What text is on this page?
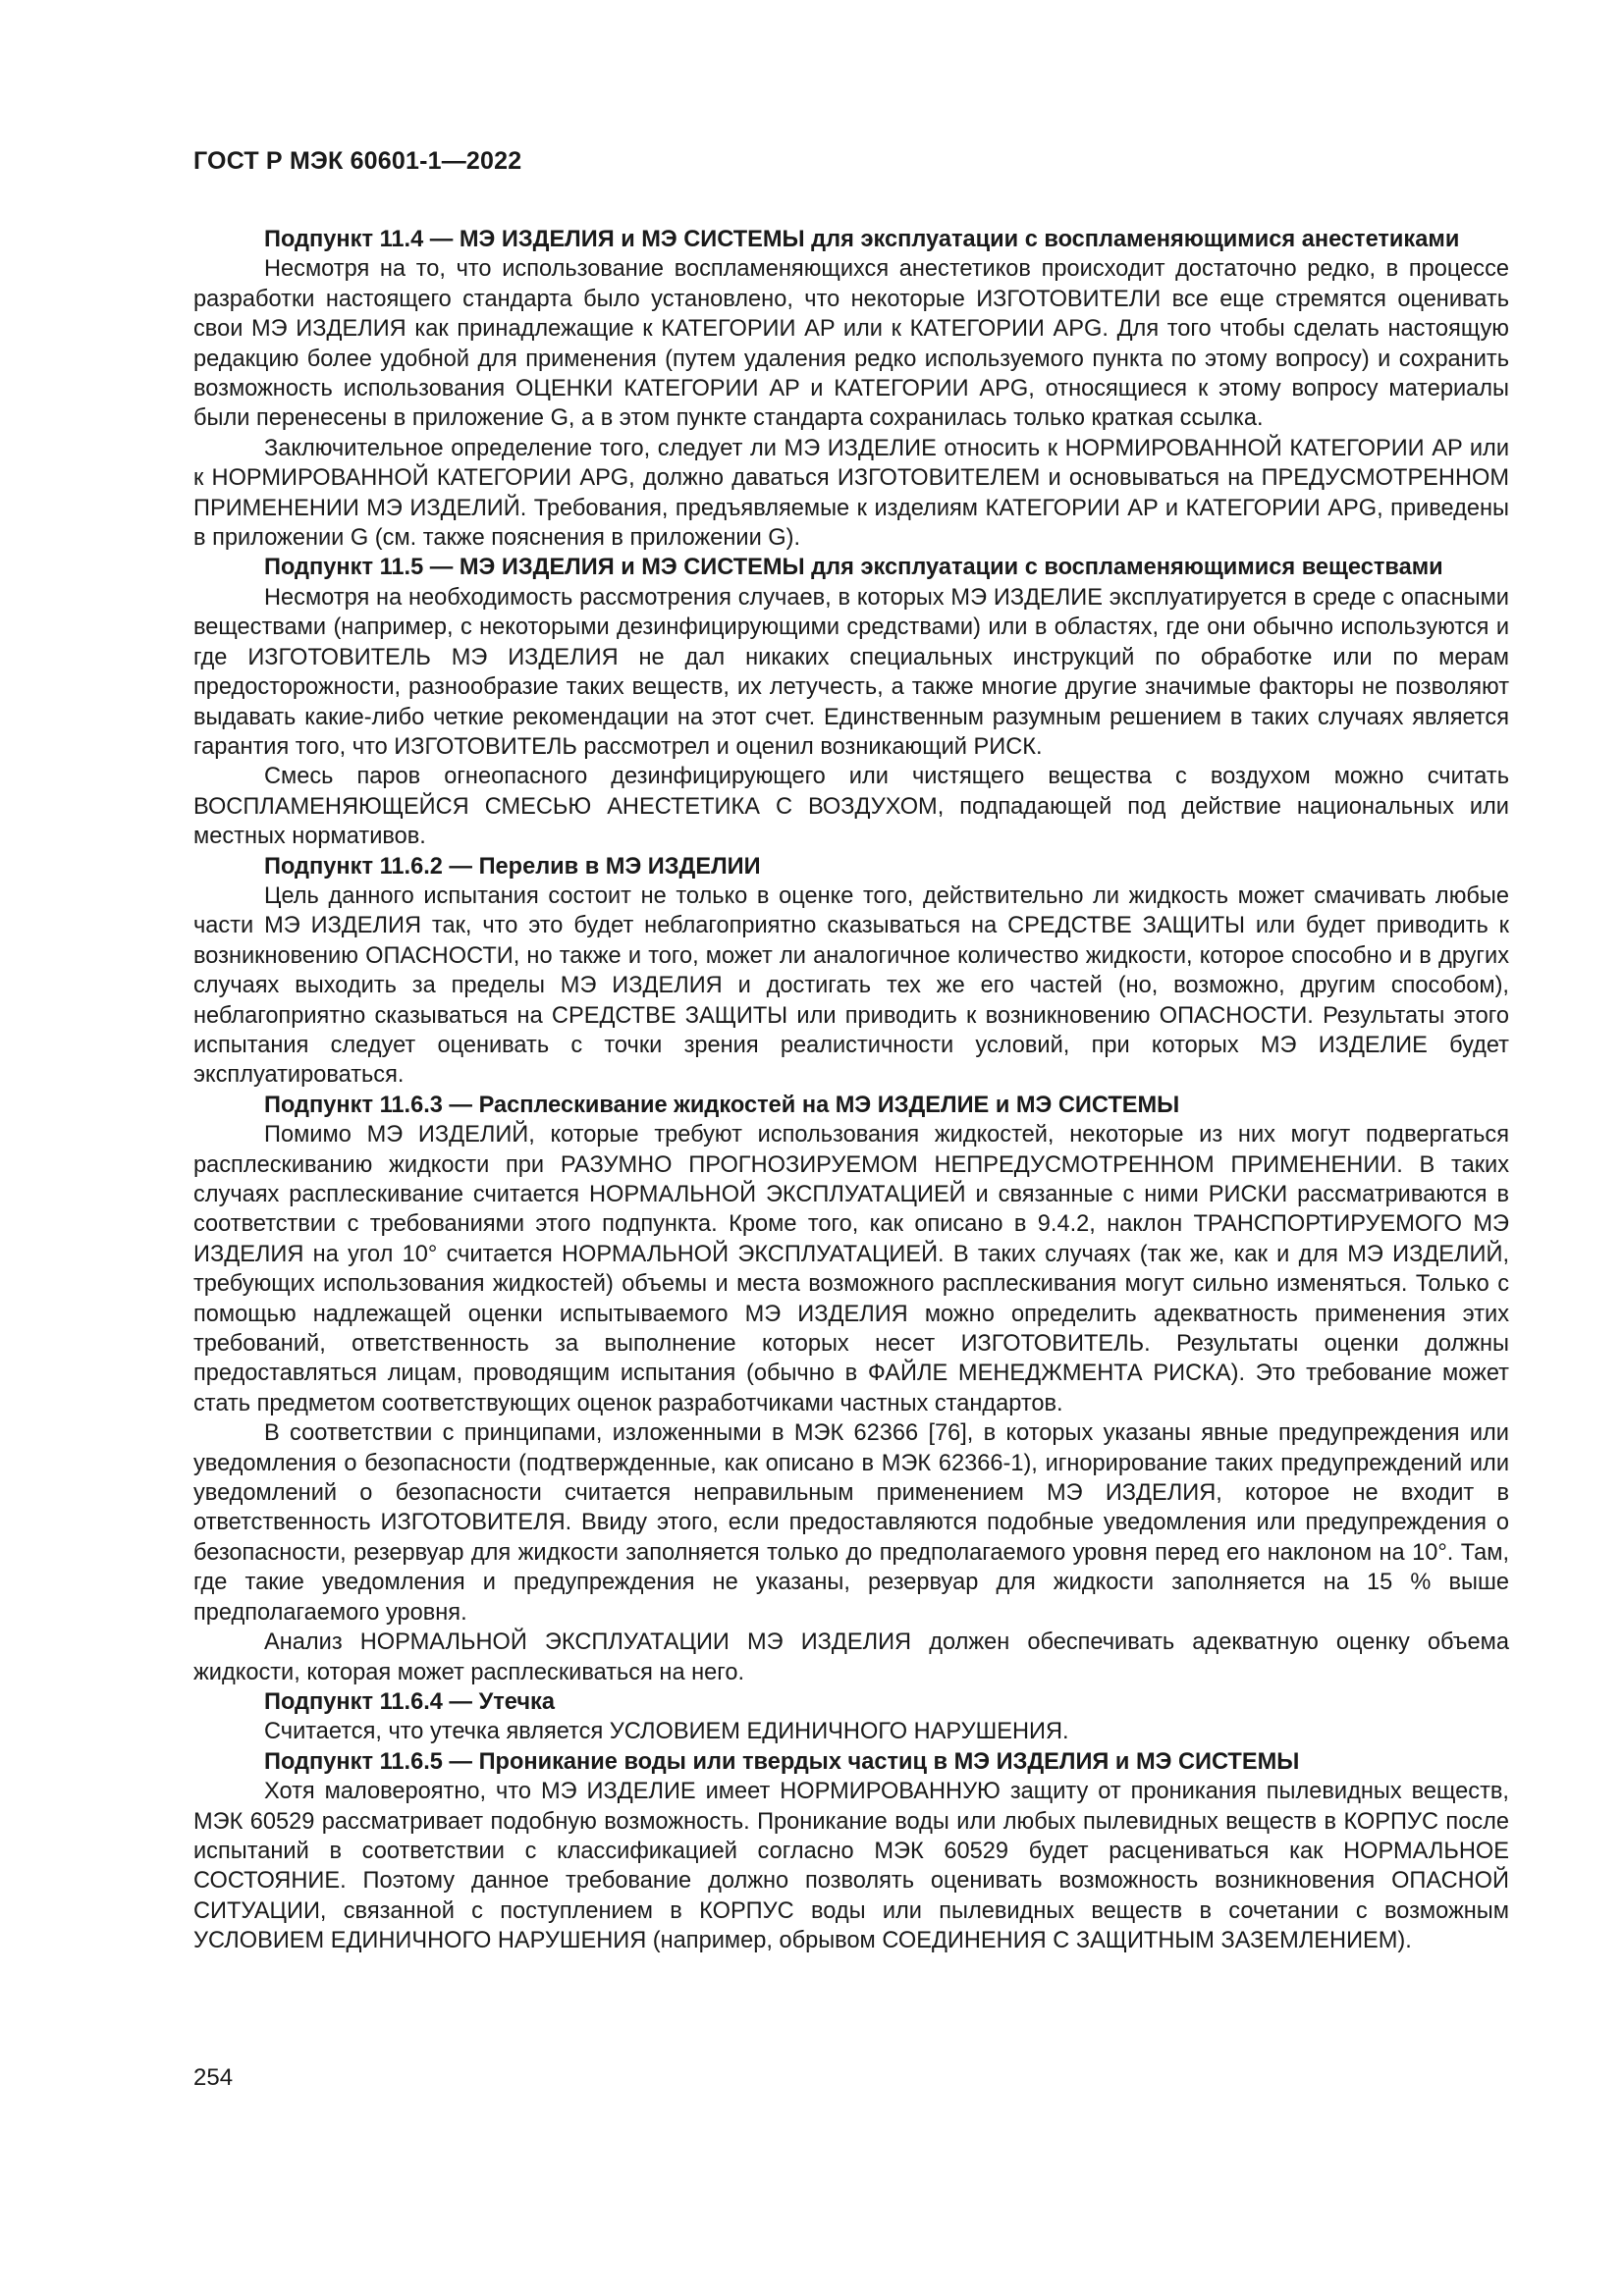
ГОСТ Р МЭК 60601-1—2022
Подпункт 11.4 — МЭ ИЗДЕЛИЯ и МЭ СИСТЕМЫ для эксплуатации с воспламеняющимися анестетиками

Несмотря на то, что использование воспламеняющихся анестетиков происходит достаточно редко, в процессе разработки настоящего стандарта было установлено, что некоторые ИЗГОТОВИТЕЛИ все еще стремятся оценивать свои МЭ ИЗДЕЛИЯ как принадлежащие к КАТЕГОРИИ AP или к КАТЕГОРИИ APG. Для того чтобы сделать настоящую редакцию более удобной для применения (путем удаления редко используемого пункта по этому вопросу) и сохранить возможность использования ОЦЕНКИ КАТЕГОРИИ AP и КАТЕГОРИИ APG, относящиеся к этому вопросу материалы были перенесены в приложение G, а в этом пункте стандарта сохранилась только краткая ссылка.

Заключительное определение того, следует ли МЭ ИЗДЕЛИЕ относить к НОРМИРОВАННОЙ КАТЕГОРИИ AP или к НОРМИРОВАННОЙ КАТЕГОРИИ APG, должно даваться ИЗГОТОВИТЕЛЕМ и основываться на ПРЕДУСМОТРЕННОМ ПРИМЕНЕНИИ МЭ ИЗДЕЛИЙ. Требования, предъявляемые к изделиям КАТЕГОРИИ AP и КАТЕГОРИИ APG, приведены в приложении G (см. также пояснения в приложении G).

Подпункт 11.5 — МЭ ИЗДЕЛИЯ и МЭ СИСТЕМЫ для эксплуатации с воспламеняющимися веществами

Несмотря на необходимость рассмотрения случаев, в которых МЭ ИЗДЕЛИЕ эксплуатируется в среде с опасными веществами (например, с некоторыми дезинфицирующими средствами) или в областях, где они обычно используются и где ИЗГОТОВИТЕЛЬ МЭ ИЗДЕЛИЯ не дал никаких специальных инструкций по обработке или по мерам предосторожности, разнообразие таких веществ, их летучесть, а также многие другие значимые факторы не позволяют выдавать какие-либо четкие рекомендации на этот счет. Единственным разумным решением в таких случаях является гарантия того, что ИЗГОТОВИТЕЛЬ рассмотрел и оценил возникающий РИСК.

Смесь паров огнеопасного дезинфицирующего или чистящего вещества с воздухом можно считать ВОСПЛАМЕНЯЮЩЕЙСЯ СМЕСЬЮ АНЕСТЕТИКА С ВОЗДУХОМ, подпадающей под действие национальных или местных нормативов.

Подпункт 11.6.2 — Перелив в МЭ ИЗДЕЛИИ

Цель данного испытания состоит не только в оценке того, действительно ли жидкость может смачивать любые части МЭ ИЗДЕЛИЯ так, что это будет неблагоприятно сказываться на СРЕДСТВЕ ЗАЩИТЫ или будет приводить к возникновению ОПАСНОСТИ, но также и того, может ли аналогичное количество жидкости, которое способно и в других случаях выходить за пределы МЭ ИЗДЕЛИЯ и достигать тех же его частей (но, возможно, другим способом), неблагоприятно сказываться на СРЕДСТВЕ ЗАЩИТЫ или приводить к возникновению ОПАСНОСТИ. Результаты этого испытания следует оценивать с точки зрения реалистичности условий, при которых МЭ ИЗДЕЛИЕ будет эксплуатироваться.

Подпункт 11.6.3 — Расплескивание жидкостей на МЭ ИЗДЕЛИЕ и МЭ СИСТЕМЫ

Помимо МЭ ИЗДЕЛИЙ, которые требуют использования жидкостей, некоторые из них могут подвергаться расплескиванию жидкости при РАЗУМНО ПРОГНОЗИРУЕМОМ НЕПРЕДУСМОТРЕННОМ ПРИМЕНЕНИИ. В таких случаях расплескивание считается НОРМАЛЬНОЙ ЭКСПЛУАТАЦИЕЙ и связанные с ними РИСКИ рассматриваются в соответствии с требованиями этого подпункта. Кроме того, как описано в 9.4.2, наклон ТРАНСПОРТИРУЕМОГО МЭ ИЗДЕЛИЯ на угол 10° считается НОРМАЛЬНОЙ ЭКСПЛУАТАЦИЕЙ. В таких случаях (так же, как и для МЭ ИЗДЕЛИЙ, требующих использования жидкостей) объемы и места возможного расплескивания могут сильно изменяться. Только с помощью надлежащей оценки испытываемого МЭ ИЗДЕЛИЯ можно определить адекватность применения этих требований, ответственность за выполнение которых несет ИЗГОТОВИТЕЛЬ. Результаты оценки должны предоставляться лицам, проводящим испытания (обычно в ФАЙЛЕ МЕНЕДЖМЕНТА РИСКА). Это требование может стать предметом соответствующих оценок разработчиками частных стандартов.

В соответствии с принципами, изложенными в МЭК 62366 [76], в которых указаны явные предупреждения или уведомления о безопасности (подтвержденные, как описано в МЭК 62366-1), игнорирование таких предупреждений или уведомлений о безопасности считается неправильным применением МЭ ИЗДЕЛИЯ, которое не входит в ответственность ИЗГОТОВИТЕЛЯ. Ввиду этого, если предоставляются подобные уведомления или предупреждения о безопасности, резервуар для жидкости заполняется только до предполагаемого уровня перед его наклоном на 10°. Там, где такие уведомления и предупреждения не указаны, резервуар для жидкости заполняется на 15 % выше предполагаемого уровня.

Анализ НОРМАЛЬНОЙ ЭКСПЛУАТАЦИИ МЭ ИЗДЕЛИЯ должен обеспечивать адекватную оценку объема жидкости, которая может расплескиваться на него.

Подпункт 11.6.4 — Утечка

Считается, что утечка является УСЛОВИЕМ ЕДИНИЧНОГО НАРУШЕНИЯ.

Подпункт 11.6.5 — Проникание воды или твердых частиц в МЭ ИЗДЕЛИЯ и МЭ СИСТЕМЫ

Хотя маловероятно, что МЭ ИЗДЕЛИЕ имеет НОРМИРОВАННУЮ защиту от проникания пылевидных веществ, МЭК 60529 рассматривает подобную возможность. Проникание воды или любых пылевидных веществ в КОРПУС после испытаний в соответствии с классификацией согласно МЭК 60529 будет расцениваться как НОРМАЛЬНОЕ СОСТОЯНИЕ. Поэтому данное требование должно позволять оценивать возможность возникновения ОПАСНОЙ СИТУАЦИИ, связанной с поступлением в КОРПУС воды или пылевидных веществ в сочетании с возможным УСЛОВИЕМ ЕДИНИЧНОГО НАРУШЕНИЯ (например, обрывом СОЕДИНЕНИЯ С ЗАЩИТНЫМ ЗАЗЕМЛЕНИЕМ).

254
